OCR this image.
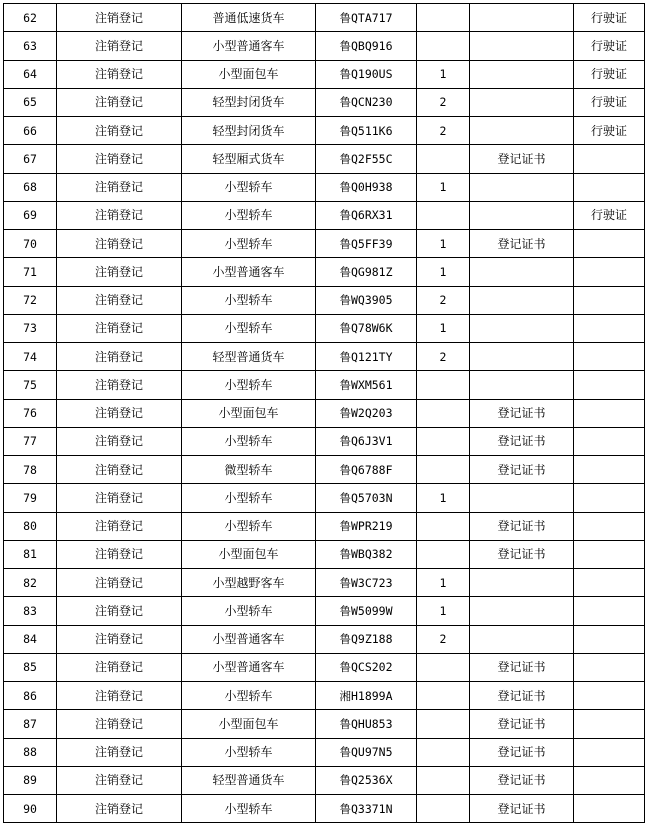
62	注销登记	普通低速货车	鲁QTA717			行驶证
63	注销登记	小型普通客车	鲁QBQ916			行驶证
64	注销登记	小型面包车	鲁Q190US	1		行驶证
65	注销登记	轻型封闭货车	鲁QCN230	2		行驶证
66	注销登记	轻型封闭货车	鲁Q511K6	2		行驶证
67	注销登记	轻型厢式货车	鲁Q2F55C		登记证书	
68	注销登记	小型轿车	鲁Q0H938	1		
69	注销登记	小型轿车	鲁Q6RX31			行驶证
70	注销登记	小型轿车	鲁Q5FF39	1	登记证书	
71	注销登记	小型普通客车	鲁QG981Z	1		
72	注销登记	小型轿车	鲁WQ3905	2		
73	注销登记	小型轿车	鲁Q78W6K	1		
74	注销登记	轻型普通货车	鲁Q121TY	2		
75	注销登记	小型轿车	鲁WXM561			
76	注销登记	小型面包车	鲁W2Q203		登记证书	
77	注销登记	小型轿车	鲁Q6J3V1		登记证书	
78	注销登记	微型轿车	鲁Q6788F		登记证书	
79	注销登记	小型轿车	鲁Q5703N	1		
80	注销登记	小型轿车	鲁WPR219		登记证书	
81	注销登记	小型面包车	鲁WBQ382		登记证书	
82	注销登记	小型越野客车	鲁W3C723	1		
83	注销登记	小型轿车	鲁W5099W	1		
84	注销登记	小型普通客车	鲁Q9Z188	2		
85	注销登记	小型普通客车	鲁QCS202		登记证书	
86	注销登记	小型轿车	湘H1899A		登记证书	
87	注销登记	小型面包车	鲁QHU853		登记证书	
88	注销登记	小型轿车	鲁QU97N5		登记证书	
89	注销登记	轻型普通货车	鲁Q2536X		登记证书	
90	注销登记	小型轿车	鲁Q3371N		登记证书	
